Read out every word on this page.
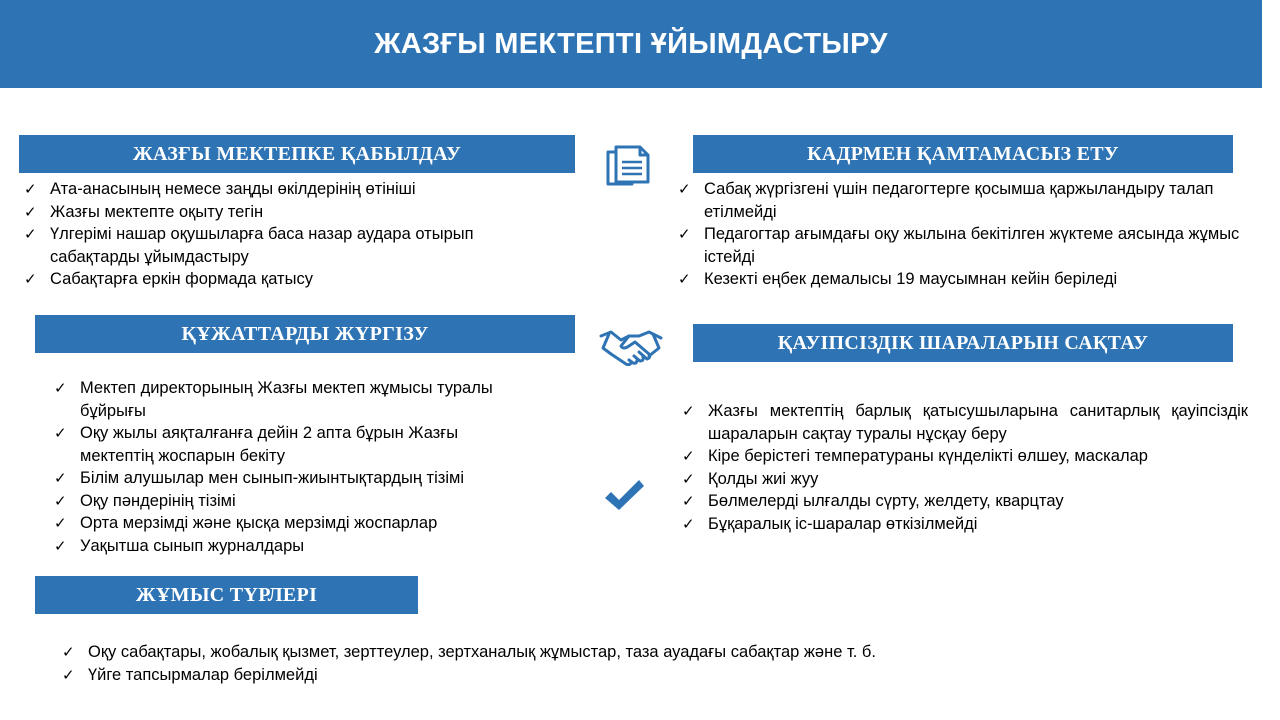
ЖАЗҒЫ МЕКТЕПТІ ҰЙЫМДАСТЫРУ
ЖАЗҒЫ МЕКТЕПКЕ ҚАБЫЛДАУ
✓ Ата-анасының немесе заңды өкілдерінің өтініші
✓ Жазғы мектепте оқыту тегін
✓ Үлгерімі нашар оқушыларға баса назар аудара отырып сабақтарды ұйымдастыру
✓ Сабақтарға еркін формада қатысу
КАДРМЕН ҚАМТАМАСЫЗ ЕТУ
✓ Сабақ жүргізгені үшін педагогтерге қосымша қаржыландыру талап етілмейді
✓ Педагогтар ағымдағы оқу жылына бекітілген жүктеме аясында жұмыс істейді
✓ Кезекті еңбек демалысы 19 маусымнан кейін беріледі
ҚҰЖАТТАРДЫ ЖҮРГІЗУ
✓ Мектеп директорының Жазғы мектеп жұмысы туралы бұйрығы
✓ Оқу жылы аяқталғанға дейін 2 апта бұрын Жазғы мектептің жоспарын бекіту
✓ Білім алушылар мен сынып-жиынтықтардың тізімі
✓ Оқу пәндерінің тізімі
✓ Орта мерзімді және қысқа мерзімді жоспарлар
✓ Уақытша сынып журналдары
ҚАУІПСІЗДІК ШАРАЛАРЫН САҚТАУ
✓ Жазғы мектептің барлық қатысушыларына санитарлық қауіпсіздік шараларын сақтау туралы нұсқау беру
✓ Кіре берістегі температураны күнделікті өлшеу, маскалар
✓ Қолды жиі жуу
✓ Бөлмелерді ылғалды сүрту, желдету, кварцтау
✓ Бұқаралық іс-шаралар өткізілмейді
ЖҰМЫС ТҮРЛЕРІ
✓ Оқу сабақтары, жобалық қызмет, зерттеулер, зертханалық жұмыстар, таза ауадағы сабақтар және т. б.
✓ Үйге тапсырмалар берілмейді
